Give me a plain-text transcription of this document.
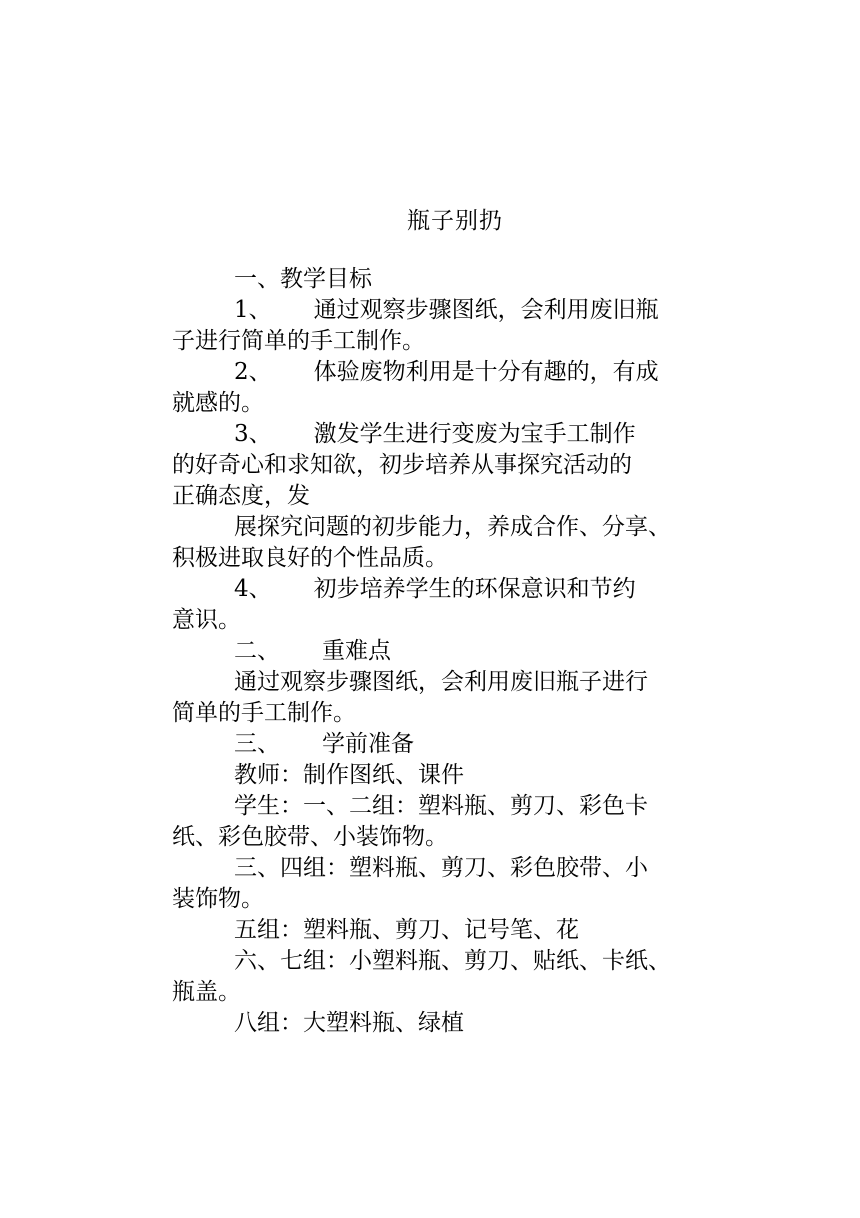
瓶子别扔
一、教学目标
1、 通过观察步骤图纸，会利用废旧瓶
子进行简单的手工制作。
2、 体验废物利用是十分有趣的，有成
就感的。
3、 激发学生进行变废为宝手工制作
的好奇心和求知欲，初步培养从事探究活动的
正确态度，发
展探究问题的初步能力，养成合作、分享、
积极进取良好的个性品质。
4、 初步培养学生的环保意识和节约
意识。
二、 重难点
通过观察步骤图纸，会利用废旧瓶子进行
简单的手工制作。
三、 学前准备
教师：制作图纸、课件
学生：一、二组：塑料瓶、剪刀、彩色卡
纸、彩色胶带、小装饰物。
三、四组：塑料瓶、剪刀、彩色胶带、小
装饰物。
五组：塑料瓶、剪刀、记号笔、花
六、七组：小塑料瓶、剪刀、贴纸、卡纸、
瓶盖。
八组：大塑料瓶、绿植
